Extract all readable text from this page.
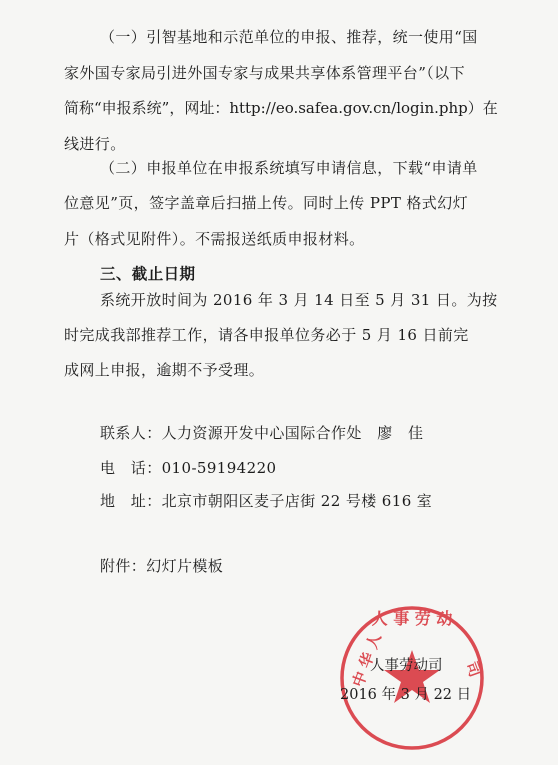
（一）引智基地和示范单位的申报、推荐，统一使用“国
家外国专家局引进外国专家与成果共享体系管理平台”（以下
简称“申报系统”，网址：http://eo.safea.gov.cn/login.php）在
线进行。
（二）申报单位在申报系统填写申请信息，下载“申请单
位意见”页，签字盖章后扫描上传。同时上传 PPT 格式幻灯
片（格式见附件）。不需报送纸质申报材料。
三、截止日期
系统开放时间为 2016 年 3 月 14 日至 5 月 31 日。为按
时完成我部推荐工作，请各申报单位务必于 5 月 16 日前完
成网上申报，逾期不予受理。
联系人：人力资源开发中心国际合作处　廖　佳
电　话：010-59194220
地　址：北京市朝阳区麦子店街 22 号楼 616 室
附件：幻灯片模板
人 事 劳 动
中 华 人	司
人事劳动司
2016 年 3 月 22 日
